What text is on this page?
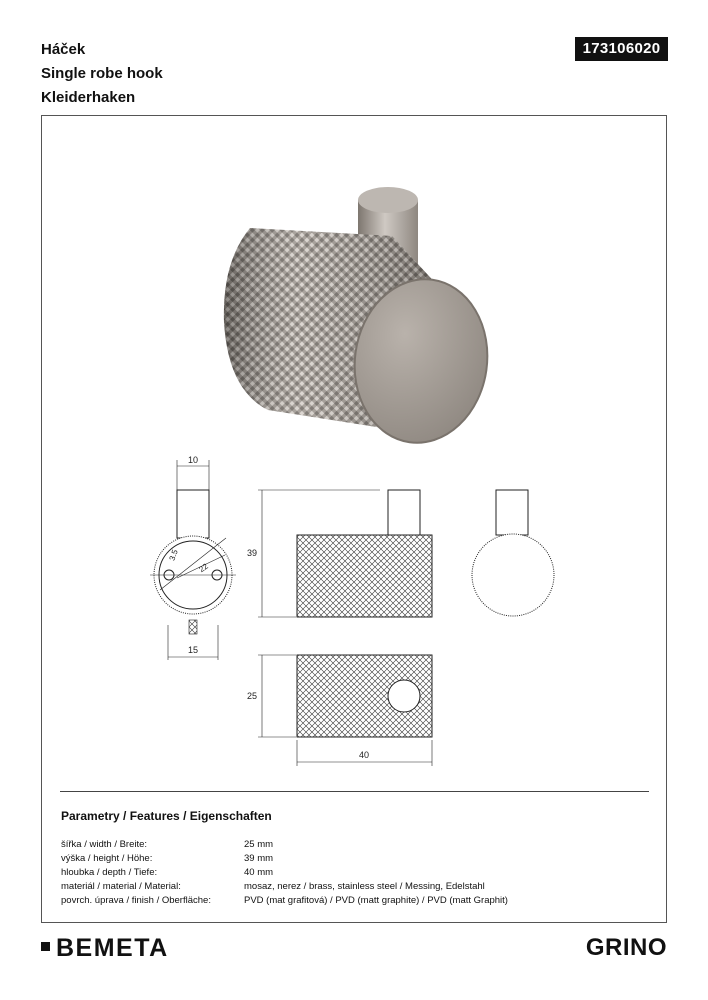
Háček
Single robe hook
Kleiderhaken
173106020
10
3.5
22
15
39
25
40
Parametry / Features / Eigenschaften
šířka / width / Breite:	25 mm
výška / height / Höhe:	39 mm
hloubka / depth / Tiefe:	40 mm
materiál / material / Material:	mosaz, nerez / brass, stainless steel / Messing, Edelstahl
povrch. úprava / finish / Oberfläche:	PVD (mat grafitová) / PVD (matt graphite) / PVD (matt Graphit)
BEMETA	GRINO
